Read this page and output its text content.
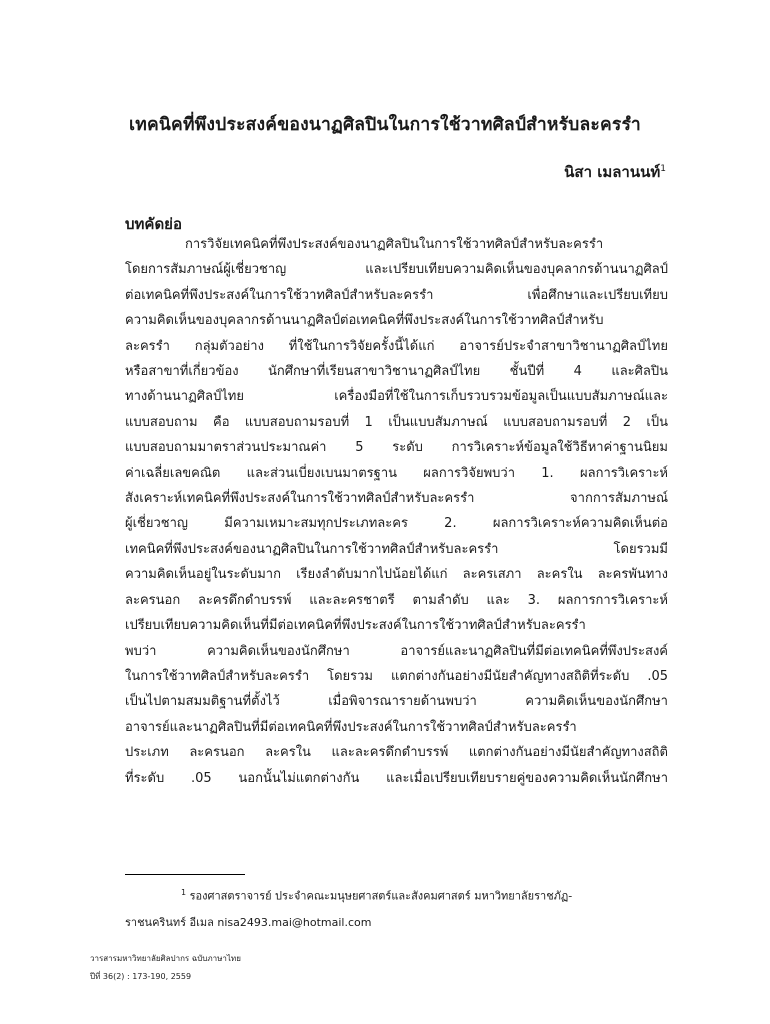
เทคนิคที่พึงประสงค์ของนาฏศิลปินในการใช้วาทศิลป์สำหรับละครรำ
นิสา เมลานนท์$^1$
บทคัดย่อ
การวิจัยเทคนิคที่พึงประสงค์ของนาฏศิลปินในการใช้วาทศิลป์สำหรับละครรำ
โดยการสัมภาษณ์ผู้เชี่ยวชาญ และเปรียบเทียบความคิดเห็นของบุคลากรด้านนาฏศิลป์
ต่อเทคนิคที่พึงประสงค์ในการใช้วาทศิลป์สำหรับละครรำ เพื่อศึกษาและเปรียบเทียบ
ความคิดเห็นของบุคลากรด้านนาฏศิลป์ต่อเทคนิคที่พึงประสงค์ในการใช้วาทศิลป์สำหรับ
ละครรำ กลุ่มตัวอย่าง ที่ใช้ในการวิจัยครั้งนี้ได้แก่ อาจารย์ประจำสาขาวิชานาฏศิลป์ไทย
หรือสาขาที่เกี่ยวข้อง นักศึกษาที่เรียนสาขาวิชานาฏศิลป์ไทย ชั้นปีที่ 4 และศิลปิน
ทางด้านนาฏศิลป์ไทย เครื่องมือที่ใช้ในการเก็บรวบรวมข้อมูลเป็นแบบสัมภาษณ์และ
แบบสอบถาม คือ แบบสอบถามรอบที่ 1 เป็นแบบสัมภาษณ์ แบบสอบถามรอบที่ 2 เป็น
แบบสอบถามมาตราส่วนประมาณค่า 5 ระดับ การวิเคราะห์ข้อมูลใช้วิธีหาค่าฐานนิยม
ค่าเฉลี่ยเลขคณิต และส่วนเบี่ยงเบนมาตรฐาน ผลการวิจัยพบว่า 1. ผลการวิเคราะห์
สังเคราะห์เทคนิคที่พึงประสงค์ในการใช้วาทศิลป์สำหรับละครรำ จากการสัมภาษณ์
ผู้เชี่ยวชาญ มีความเหมาะสมทุกประเภทละคร 2. ผลการวิเคราะห์ความคิดเห็นต่อ
เทคนิคที่พึงประสงค์ของนาฏศิลปินในการใช้วาทศิลป์สำหรับละครรำ โดยรวมมี
ความคิดเห็นอยู่ในระดับมาก เรียงลำดับมากไปน้อยได้แก่ ละครเสภา ละครใน ละครพันทาง
ละครนอก ละครดึกดำบรรพ์ และละครชาตรี ตามลำดับ และ 3. ผลการการวิเคราะห์
เปรียบเทียบความคิดเห็นที่มีต่อเทคนิคที่พึงประสงค์ในการใช้วาทศิลป์สำหรับละครรำ
พบว่า ความคิดเห็นของนักศึกษา อาจารย์และนาฏศิลปินที่มีต่อเทคนิคที่พึงประสงค์
ในการใช้วาทศิลป์สำหรับละครรำ โดยรวม แตกต่างกันอย่างมีนัยสำคัญทางสถิติที่ระดับ .05
เป็นไปตามสมมติฐานที่ตั้งไว้ เมื่อพิจารณารายด้านพบว่า ความคิดเห็นของนักศึกษา
อาจารย์และนาฏศิลปินที่มีต่อเทคนิคที่พึงประสงค์ในการใช้วาทศิลป์สำหรับละครรำ
ประเภท ละครนอก ละครใน และละครดึกดำบรรพ์ แตกต่างกันอย่างมีนัยสำคัญทางสถิติ
ที่ระดับ .05 นอกนั้นไม่แตกต่างกัน และเมื่อเปรียบเทียบรายคู่ของความคิดเห็นนักศึกษา
$^1$ รองศาสตราจารย์ ประจำคณะมนุษยศาสตร์และสังคมศาสตร์ มหาวิทยาลัยราชภัฏ-
ราชนครินทร์ อีเมล nisa2493.mai@hotmail.com
วารสารมหาวิทยาลัยศิลปากร ฉบับภาษาไทย
ปีที่ 36(2) : 173-190, 2559
